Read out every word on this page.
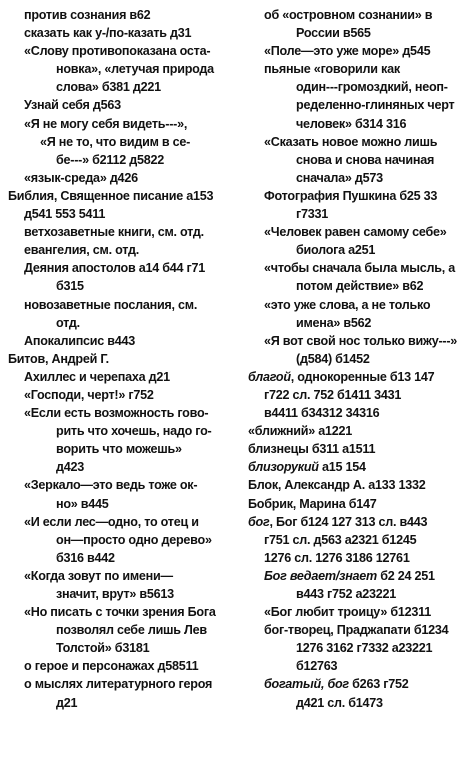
против сознания в62
сказать как у-/по-казать д31
«Слову противопоказана оста-
новка», «летучая природа
слова» б381 д221
Узнай себя д563
«Я не могу себя видеть---»,
«Я не то, что видим в се-
бе---» б2112 д5822
«язык-среда» д426
Библия, Священное писание а153
д541 553 5411
ветхозаветные книги, см. отд.
евангелия, см. отд.
Деяния апостолов а14 б44 г71
б315
новозаветные послания, см.
отд.
Апокалипсис в443
Битов, Андрей Г.
Ахиллес и черепаха д21
«Господи, черт!» г752
«Если есть возможность гово-
рить что хочешь, надо го-
ворить что можешь»
д423
«Зеркало—это ведь тоже ок-
но» в445
«И если лес—одно, то отец и
он—просто одно дерево»
б316 в442
«Когда зовут по имени—
значит, врут» в5613
«Но писать с точки зрения Бога
позволял себе лишь Лев
Толстой» б3181
о герое и персонажах д58511
о мыслях литературного героя
д21
об «островном сознании» в
России в565
«Поле—это уже море» д545
пьяные «говорили как
один---громоздкий, неоп-
ределенно-глиняных черт
человек» б314 316
«Сказать новое можно лишь
снова и снова начиная
сначала» д573
Фотография Пушкина б25 33
г7331
«Человек равен самому себе»
биолога а251
«чтобы сначала была мысль, а
потом действие» в62
«это уже слова, а не только
имена» в562
«Я вот свой нос только вижу---»
(д584) б1452
благой, однокоренные б13 147
г722 сл. 752 б1411 3431
в4411 б34312 34316
«ближний» а1221
близнецы б311 а1511
близорукий а15 154
Блок, Александр А. а133 1332
Бобрик, Марина б147
бог, Бог б124 127 313 сл. в443
г751 сл. д563 а2321 б1245
1276 сл. 1276 3186 12761
Бог ведает/знает б2 24 251
в443 г752 а23221
«Бог любит троицу» б12311
бог-творец, Праджапати б1234
1276 3162 г7332 а23221
б12763
богатый, бог б263 г752
д421 сл. б1473
